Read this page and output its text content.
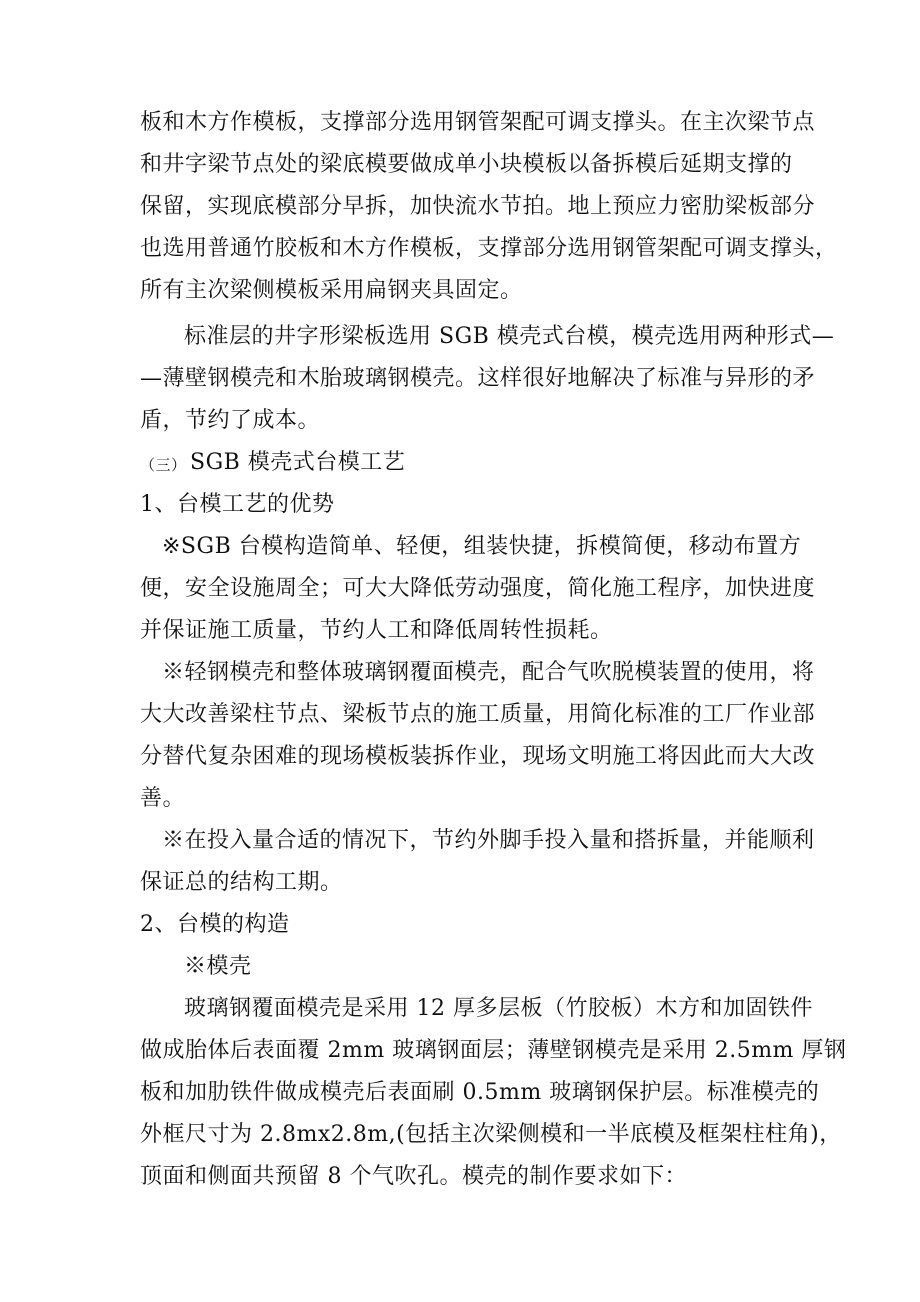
板和木方作模板，支撑部分选用钢管架配可调支撑头。在主次梁节点
和井字梁节点处的梁底模要做成单小块模板以备拆模后延期支撑的
保留，实现底模部分早拆，加快流水节拍。地上预应力密肋梁板部分
也选用普通竹胶板和木方作模板，支撑部分选用钢管架配可调支撑头，
所有主次梁侧模板采用扁钢夹具固定。
标准层的井字形梁板选用 SGB 模壳式台模，模壳选用两种形式—
—薄壁钢模壳和木胎玻璃钢模壳。这样很好地解决了标准与异形的矛
盾，节约了成本。
（三） SGB 模壳式台模工艺
1、台模工艺的优势
※SGB 台模构造简单、轻便，组装快捷，拆模简便，移动布置方
便，安全设施周全；可大大降低劳动强度，简化施工程序，加快进度
并保证施工质量，节约人工和降低周转性损耗。
※轻钢模壳和整体玻璃钢覆面模壳，配合气吹脱模装置的使用，将
大大改善梁柱节点、梁板节点的施工质量，用简化标准的工厂作业部
分替代复杂困难的现场模板装拆作业，现场文明施工将因此而大大改
善。
※在投入量合适的情况下，节约外脚手投入量和搭拆量，并能顺利
保证总的结构工期。
2、台模的构造
※模壳
玻璃钢覆面模壳是采用 12 厚多层板（竹胶板）木方和加固铁件
做成胎体后表面覆 2mm 玻璃钢面层；薄壁钢模壳是采用 2.5mm 厚钢
板和加肋铁件做成模壳后表面刷 0.5mm 玻璃钢保护层。标准模壳的
外框尺寸为 2.8mx2.8m,(包括主次梁侧模和一半底模及框架柱柱角)，
顶面和侧面共预留 8 个气吹孔。模壳的制作要求如下：
